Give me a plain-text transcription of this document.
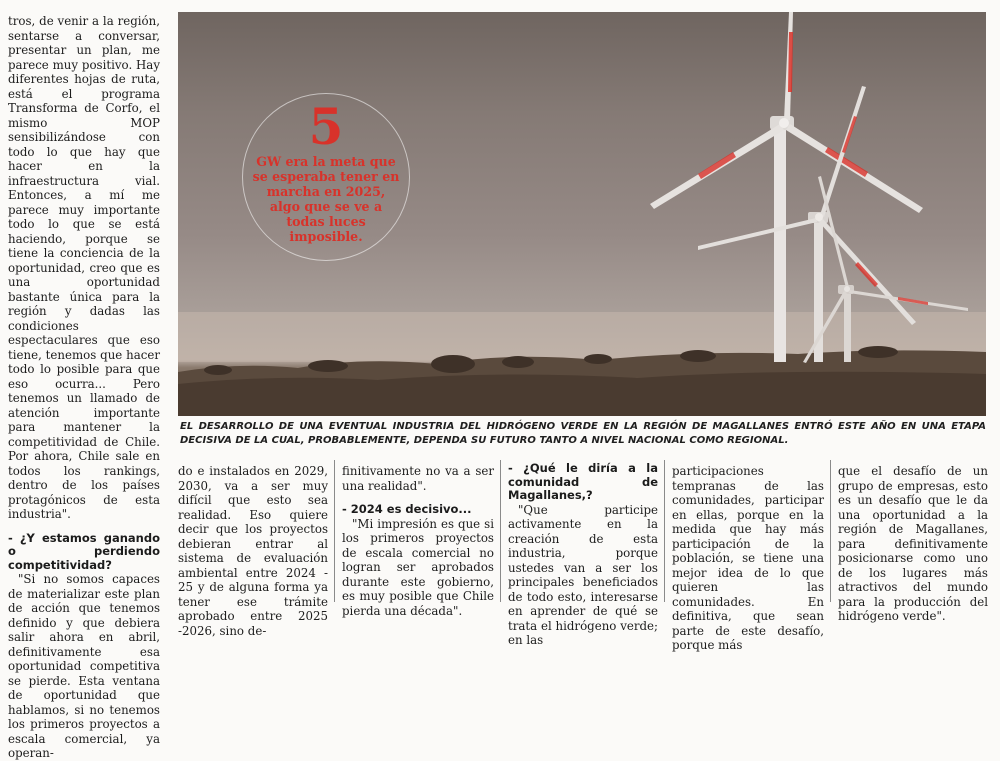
tros, de venir a la región, sentarse a conversar, presentar un plan, me parece muy positivo. Hay diferentes hojas de ruta, está el programa Transforma de Corfo, el mismo MOP sensibilizándose con todo lo que hay que hacer en la infraestructura vial. Entonces, a mí me parece muy importante todo lo que se está haciendo, porque se tiene la conciencia de la oportunidad, creo que es una oportunidad bastante única para la región y dadas las condiciones espectaculares que eso tiene, tenemos que hacer todo lo posible para que eso ocurra... Pero tenemos un llamado de atención importante para mantener la competitividad de Chile. Por ahora, Chile sale en todos los rankings, dentro de los países protagónicos de esta industria".

- ¿Y estamos ganando o perdiendo competitividad?

"Si no somos capaces de materializar este plan de acción que tenemos definido y que debiera salir ahora en abril, definitivamente esa oportunidad competitiva se pierde. Esta ventana de oportunidad que hablamos, si no tenemos los primeros proyectos a escala comercial, ya operan-

5
GW era la meta que se esperaba tener en marcha en 2025, algo que se ve a todas luces imposible.
EL DESARROLLO DE UNA EVENTUAL INDUSTRIA DEL HIDRÓGENO VERDE EN LA REGIÓN DE MAGALLANES ENTRÓ ESTE AÑO EN UNA ETAPA DECISIVA DE LA CUAL, PROBABLEMENTE, DEPENDA SU FUTURO TANTO A NIVEL NACIONAL COMO REGIONAL.

do e instalados en 2029, 2030, va a ser muy difícil que esto sea realidad. Eso quiere decir que los proyectos debieran entrar al sistema de evaluación ambiental entre 2024 - 25 y de alguna forma ya tener ese trámite aprobado entre 2025 -2026, sino de-

finitivamente no va a ser una realidad".

- 2024 es decisivo...

"Mi impresión es que si los primeros proyectos de escala comercial no logran ser aprobados durante este gobierno, es muy posible que Chile pierda una década".

- ¿Qué le diría a la comunidad de Magallanes,?

"Que participe activamente en la creación de esta industria, porque ustedes van a ser los principales beneficiados de todo esto, interesarse en aprender de qué se trata el hidrógeno verde; en las

participaciones tempranas de las comunidades, participar en ellas, porque en la medida que hay más participación de la población, se tiene una mejor idea de lo que quieren las comunidades. En definitiva, que sean parte de este desafío, porque más

que el desafío de un grupo de empresas, esto es un desafío que le da una oportunidad a la región de Magallanes, para definitivamente posicionarse como uno de los lugares más atractivos del mundo para la producción del hidrógeno verde".
